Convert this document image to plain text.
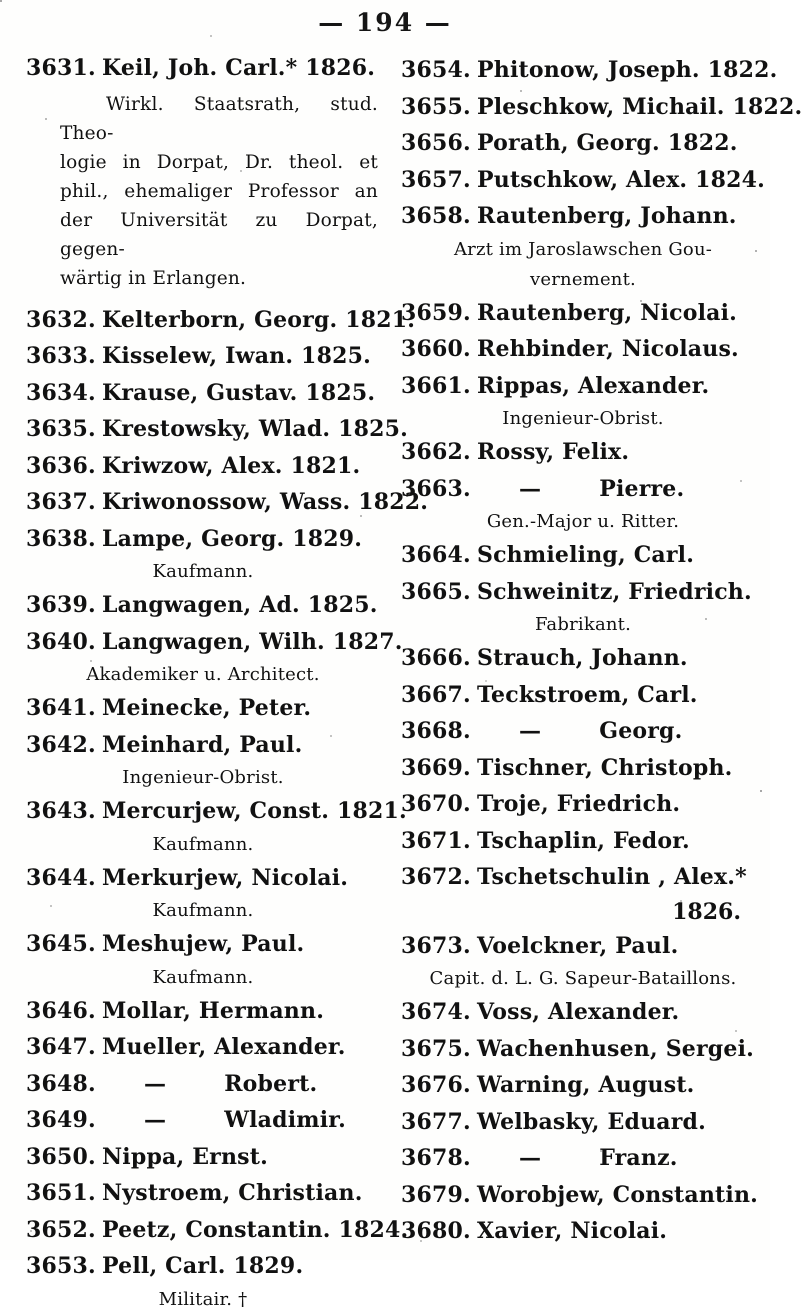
— 194 —
3631. Keil, Joh. Carl.* 1826.
Wirkl. Staatsrath, stud. Theo-
logie in Dorpat, Dr. theol. et
phil., ehemaliger Professor an
der Universität zu Dorpat, gegen-
wärtig in Erlangen.
3632. Kelterborn, Georg. 1821.
3633. Kisselew, Iwan. 1825.
3634. Krause, Gustav. 1825.
3635. Krestowsky, Wlad. 1825.
3636. Kriwzow, Alex. 1821.
3637. Kriwonossow, Wass. 1822.
3638. Lampe, Georg. 1829.
Kaufmann.
3639. Langwagen, Ad. 1825.
3640. Langwagen, Wilh. 1827.
Akademiker u. Architect.
3641. Meinecke, Peter.
3642. Meinhard, Paul.
Ingenieur-Obrist.
3643. Mercurjew, Const. 1821.
Kaufmann.
3644. Merkurjew, Nicolai.
Kaufmann.
3645. Meshujew, Paul.
Kaufmann.
3646. Mollar, Hermann.
3647. Mueller, Alexander.
3648. —	Robert.
3649. —	Wladimir.
3650. Nippa, Ernst.
3651. Nystroem, Christian.
3652. Peetz, Constantin. 1824.
3653. Pell, Carl. 1829.
Militair. †
3654. Phitonow, Joseph. 1822.
3655. Pleschkow, Michail. 1822.
3656. Porath, Georg. 1822.
3657. Putschkow, Alex. 1824.
3658. Rautenberg, Johann.
Arzt im Jaroslawschen Gou-
vernement.
3659. Rautenberg, Nicolai.
3660. Rehbinder, Nicolaus.
3661. Rippas, Alexander.
Ingenieur-Obrist.
3662. Rossy, Felix.
3663. —	Pierre.
Gen.-Major u. Ritter.
3664. Schmieling, Carl.
3665. Schweinitz, Friedrich.
Fabrikant.
3666. Strauch, Johann.
3667. Teckstroem, Carl.
3668. —	Georg.
3669. Tischner, Christoph.
3670. Troje, Friedrich.
3671. Tschaplin, Fedor.
3672. Tschetschulin , Alex.*
1826.
3673. Voelckner, Paul.
Capit. d. L. G. Sapeur-Bataillons.
3674. Voss, Alexander.
3675. Wachenhusen, Sergei.
3676. Warning, August.
3677. Welbasky, Eduard.
3678. —	Franz.
3679. Worobjew, Constantin.
3680. Xavier, Nicolai.
